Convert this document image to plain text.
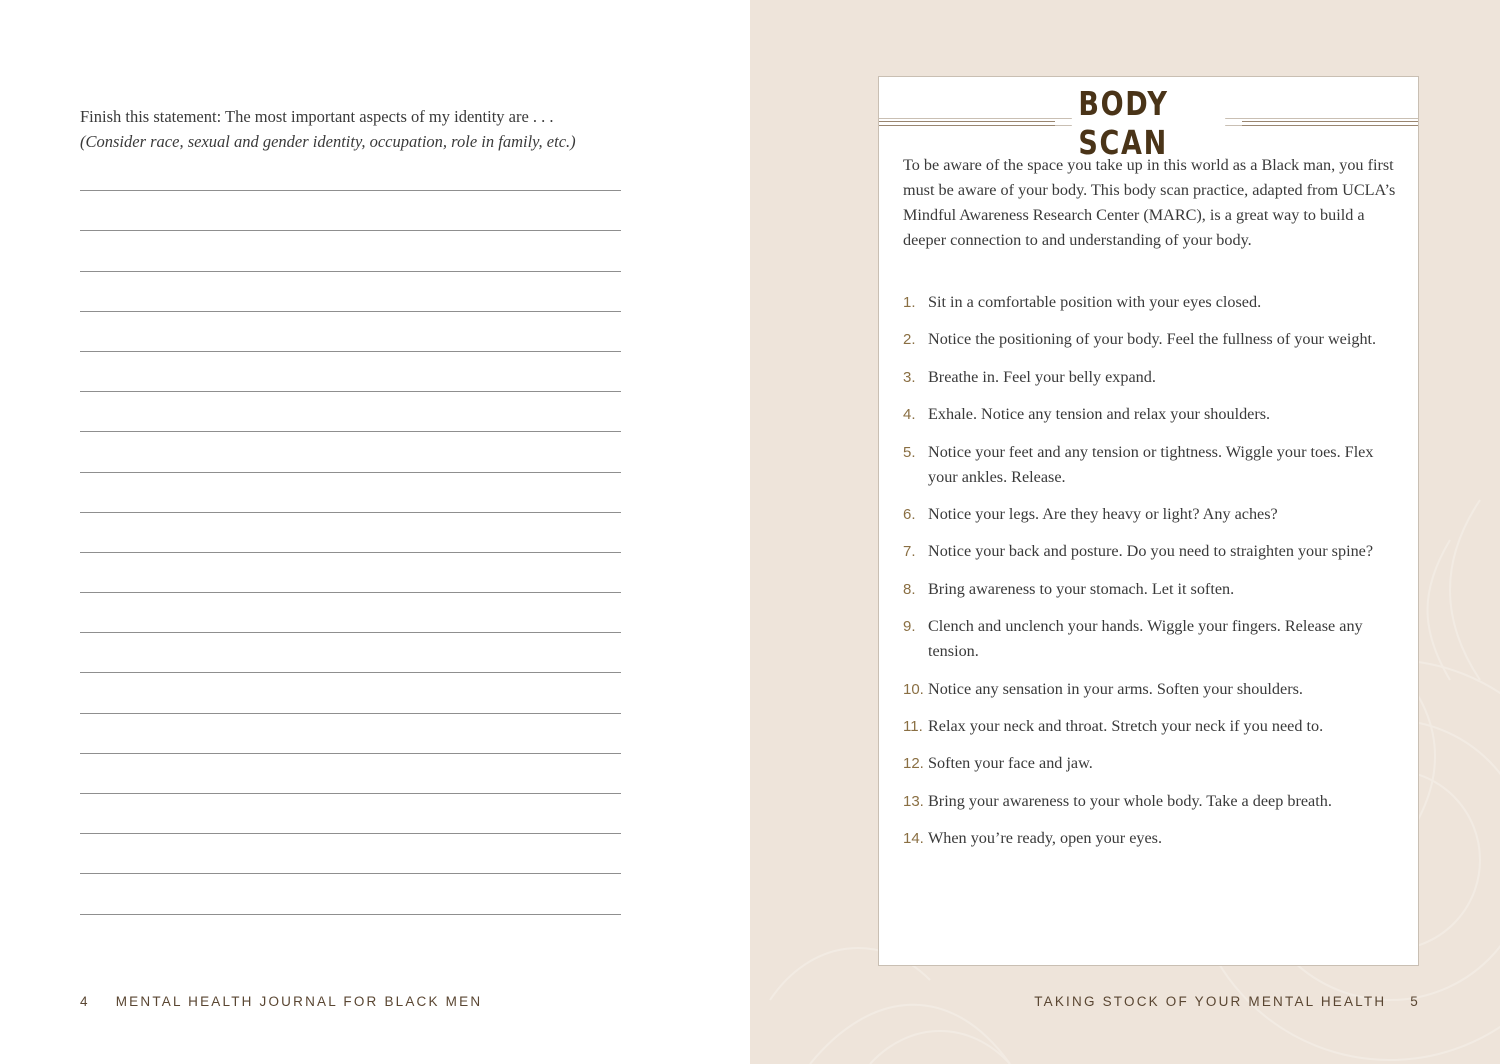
Finish this statement: The most important aspects of my identity are . . .
(Consider race, sexual and gender identity, occupation, role in family, etc.)

4 MENTAL HEALTH JOURNAL FOR BLACK MEN
BODY SCAN

To be aware of the space you take up in this world as a Black man, you first must be aware of your body. This body scan practice, adapted from UCLA’s Mindful Awareness Research Center (MARC), is a great way to build a deeper connection to and understanding of your body.

1. Sit in a comfortable position with your eyes closed.
2. Notice the positioning of your body. Feel the fullness of your weight.
3. Breathe in. Feel your belly expand.
4. Exhale. Notice any tension and relax your shoulders.
5. Notice your feet and any tension or tightness. Wiggle your toes. Flex your ankles. Release.
6. Notice your legs. Are they heavy or light? Any aches?
7. Notice your back and posture. Do you need to straighten your spine?
8. Bring awareness to your stomach. Let it soften.
9. Clench and unclench your hands. Wiggle your fingers. Release any tension.
10. Notice any sensation in your arms. Soften your shoulders.
11. Relax your neck and throat. Stretch your neck if you need to.
12. Soften your face and jaw.
13. Bring your awareness to your whole body. Take a deep breath.
14. When you’re ready, open your eyes.
TAKING STOCK OF YOUR MENTAL HEALTH 5
